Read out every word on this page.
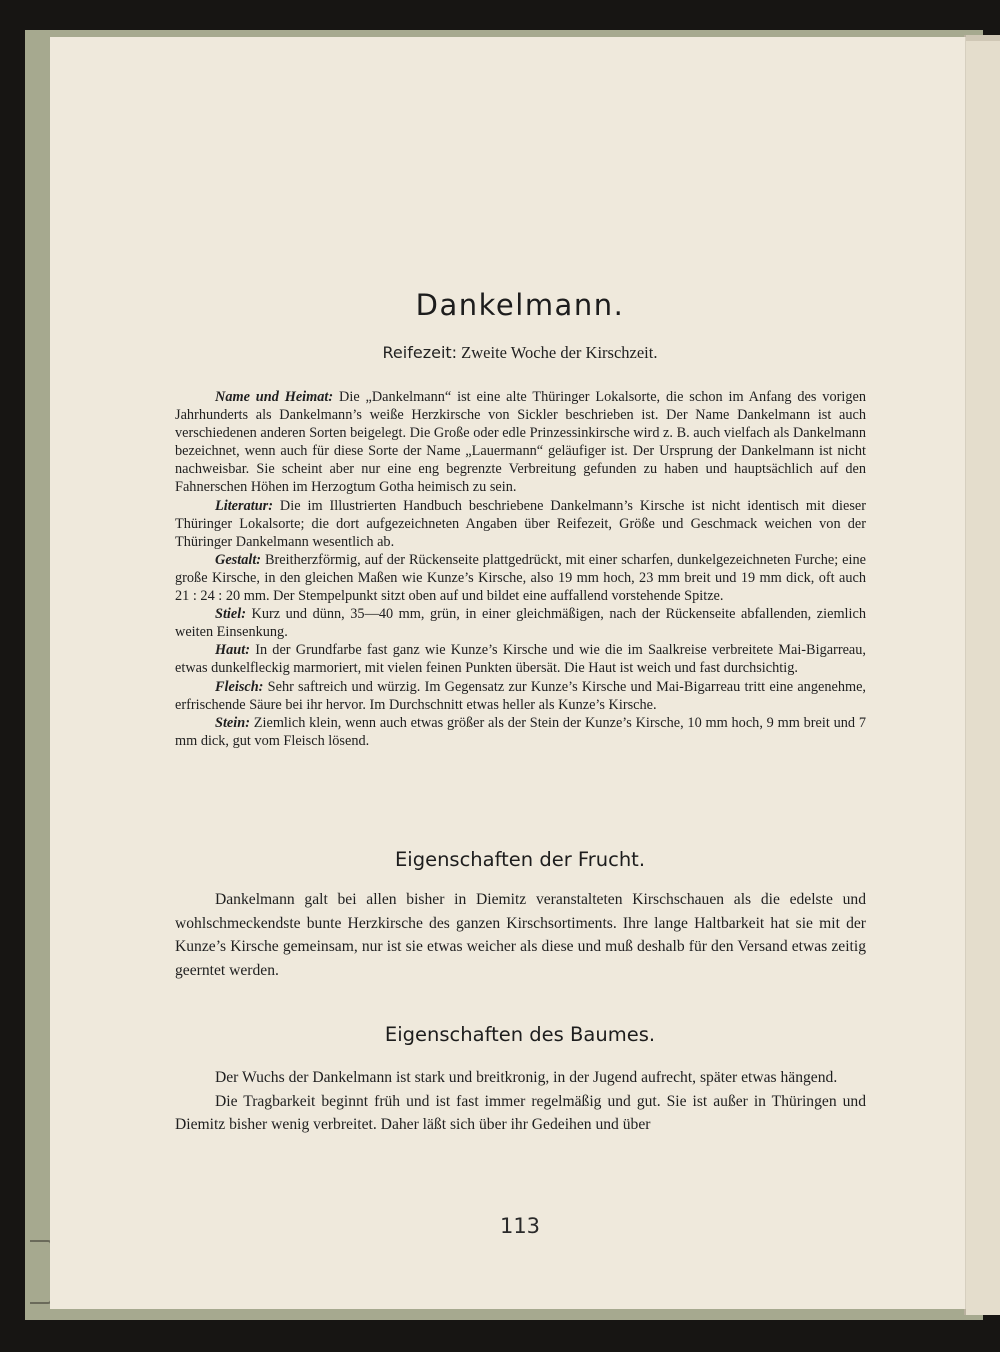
Dankelmann.
Reifezeit: Zweite Woche der Kirschzeit.

Name und Heimat: Die „Dankelmann“ ist eine alte Thüringer Lokalsorte, die schon im Anfang des vorigen Jahrhunderts als Dankelmann’s weiße Herzkirsche von Sickler beschrieben ist. Der Name Dankelmann ist auch verschiedenen anderen Sorten beigelegt. Die Große oder edle Prinzessinkirsche wird z. B. auch vielfach als Dankelmann bezeichnet, wenn auch für diese Sorte der Name „Lauermann“ geläufiger ist. Der Ursprung der Dankelmann ist nicht nachweisbar. Sie scheint aber nur eine eng begrenzte Verbreitung gefunden zu haben und hauptsächlich auf den Fahnerschen Höhen im Herzogtum Gotha heimisch zu sein.

Literatur: Die im Illustrierten Handbuch beschriebene Dankelmann’s Kirsche ist nicht identisch mit dieser Thüringer Lokalsorte; die dort aufgezeichneten Angaben über Reifezeit, Größe und Geschmack weichen von der Thüringer Dankelmann wesentlich ab.

Gestalt: Breitherzförmig, auf der Rückenseite plattgedrückt, mit einer scharfen, dunkelgezeichneten Furche; eine große Kirsche, in den gleichen Maßen wie Kunze’s Kirsche, also 19 mm hoch, 23 mm breit und 19 mm dick, oft auch 21 : 24 : 20 mm. Der Stempelpunkt sitzt oben auf und bildet eine auffallend vorstehende Spitze.

Stiel: Kurz und dünn, 35—40 mm, grün, in einer gleichmäßigen, nach der Rückenseite abfallenden, ziemlich weiten Einsenkung.

Haut: In der Grundfarbe fast ganz wie Kunze’s Kirsche und wie die im Saalkreise verbreitete Mai-Bigarreau, etwas dunkelfleckig marmoriert, mit vielen feinen Punkten übersät. Die Haut ist weich und fast durchsichtig.

Fleisch: Sehr saftreich und würzig. Im Gegensatz zur Kunze’s Kirsche und Mai-Bigarreau tritt eine angenehme, erfrischende Säure bei ihr hervor. Im Durchschnitt etwas heller als Kunze’s Kirsche.

Stein: Ziemlich klein, wenn auch etwas größer als der Stein der Kunze’s Kirsche, 10 mm hoch, 9 mm breit und 7 mm dick, gut vom Fleisch lösend.

Eigenschaften der Frucht.

Dankelmann galt bei allen bisher in Diemitz veranstalteten Kirschschauen als die edelste und wohlschmeckendste bunte Herzkirsche des ganzen Kirschsortiments. Ihre lange Haltbarkeit hat sie mit der Kunze’s Kirsche gemeinsam, nur ist sie etwas weicher als diese und muß deshalb für den Versand etwas zeitig geerntet werden.

Eigenschaften des Baumes.

Der Wuchs der Dankelmann ist stark und breitkronig, in der Jugend aufrecht, später etwas hängend.

Die Tragbarkeit beginnt früh und ist fast immer regelmäßig und gut. Sie ist außer in Thüringen und Diemitz bisher wenig verbreitet. Daher läßt sich über ihr Gedeihen und über

113
